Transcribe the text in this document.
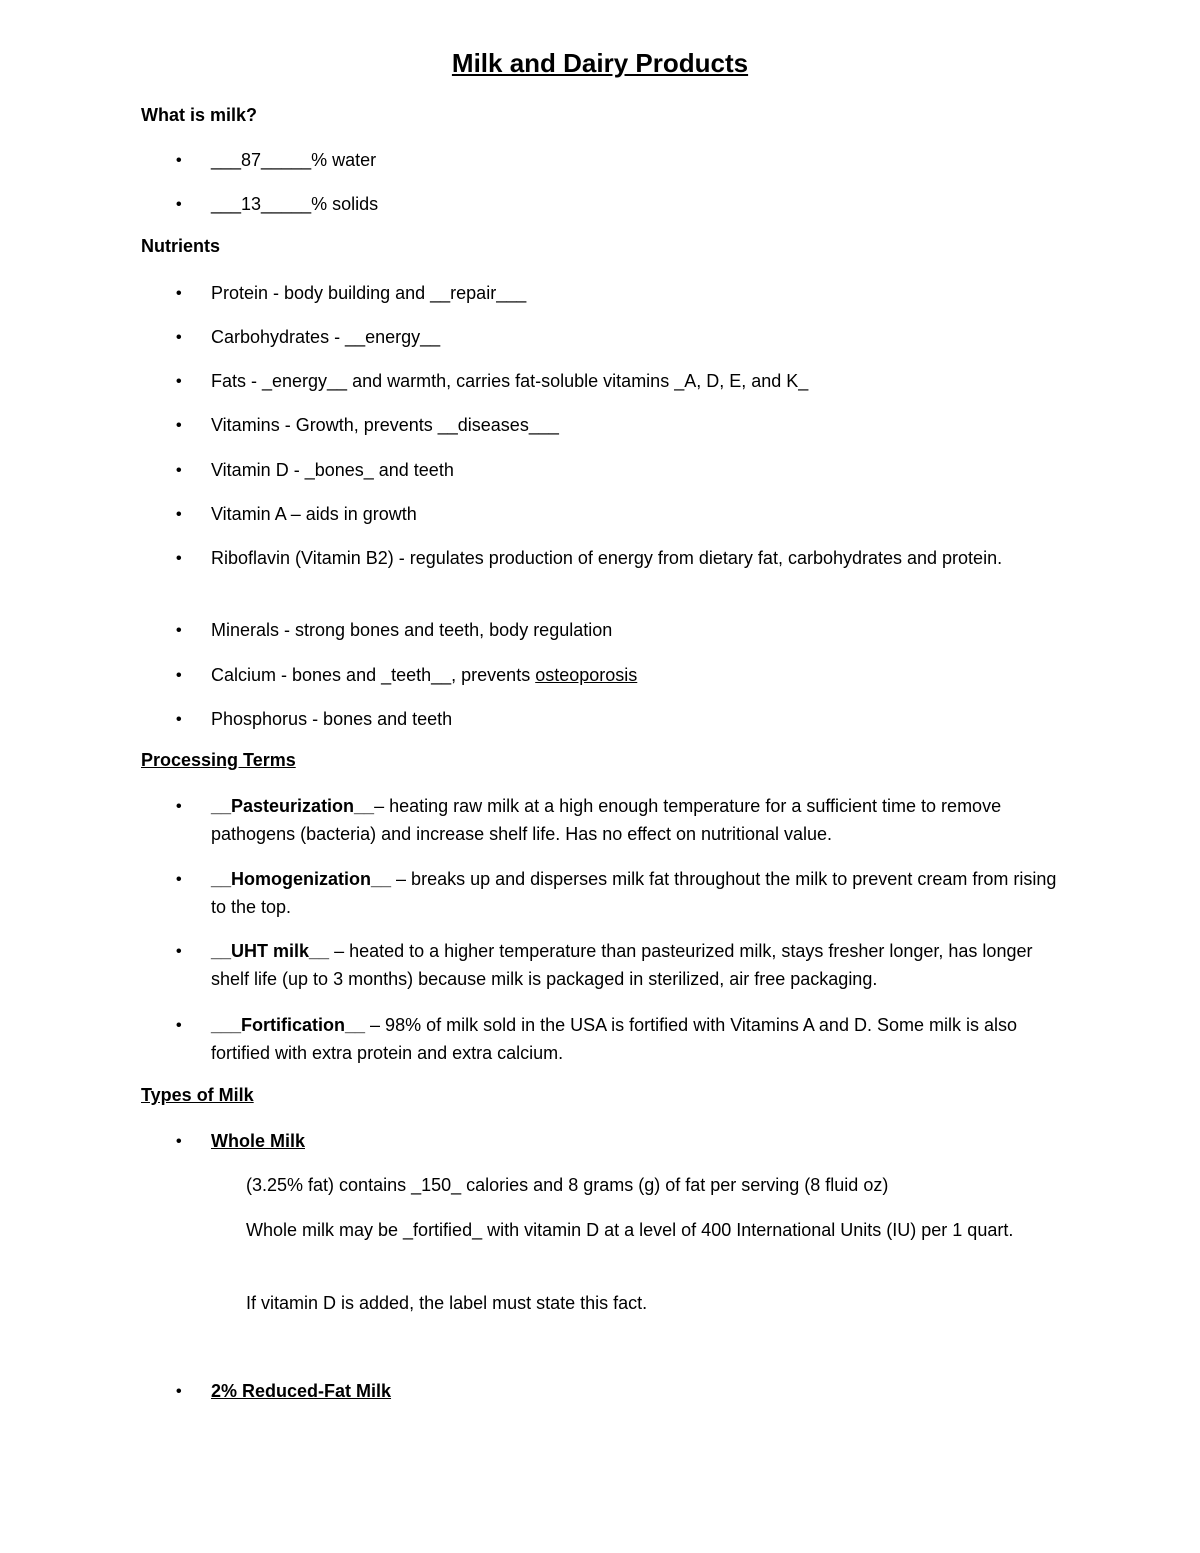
Milk and Dairy Products
What is milk?
• ___87_____% water
• ___13_____% solids
Nutrients
• Protein - body building and __repair___
• Carbohydrates - __energy__
• Fats - _energy__ and warmth, carries fat-soluble vitamins _A, D, E, and K_
• Vitamins - Growth, prevents __diseases___
• Vitamin D - _bones_ and teeth
• Vitamin A – aids in growth
• Riboflavin (Vitamin B2) - regulates production of energy from dietary fat, carbohydrates and protein.
• Minerals - strong bones and teeth, body regulation
• Calcium - bones and _teeth__, prevents osteoporosis
• Phosphorus - bones and teeth
Processing Terms
• __Pasteurization__– heating raw milk at a high enough temperature for a sufficient time to remove pathogens (bacteria) and increase shelf life. Has no effect on nutritional value.
• __Homogenization__ – breaks up and disperses milk fat throughout the milk to prevent cream from rising to the top.
• __UHT milk__ – heated to a higher temperature than pasteurized milk, stays fresher longer, has longer shelf life (up to 3 months) because milk is packaged in sterilized, air free packaging.
• ___Fortification__ – 98% of milk sold in the USA is fortified with Vitamins A and D. Some milk is also fortified with extra protein and extra calcium.
Types of Milk
• Whole Milk
(3.25% fat) contains _150_ calories and 8 grams (g) of fat per serving (8 fluid oz)
Whole milk may be _fortified_ with vitamin D at a level of 400 International Units (IU) per 1 quart.
If vitamin D is added, the label must state this fact.
• 2% Reduced-Fat Milk
